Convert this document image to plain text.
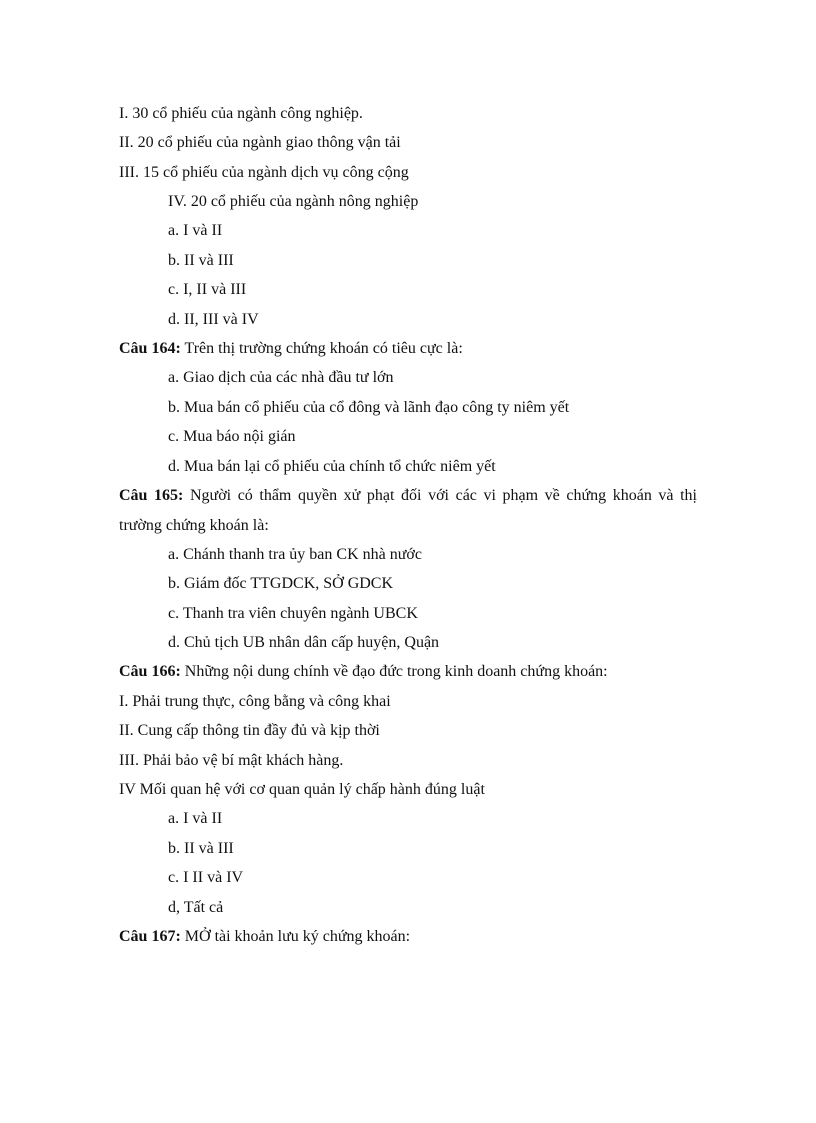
I. 30 cổ phiếu của ngành công nghiệp.
II. 20 cổ phiếu của ngành giao thông vận tải
III. 15 cổ phiếu của ngành dịch vụ công cộng
IV. 20 cổ phiếu của ngành nông nghiệp
a. I và II
b. II và III
c. I, II và III
d. II, III và IV
Câu 164: Trên thị trường chứng khoán có tiêu cực là:
a. Giao dịch của các nhà đầu tư lớn
b. Mua bán cổ phiếu của cổ đông và lãnh đạo công ty niêm yết
c. Mua báo nội gián
d. Mua bán lại cổ phiếu của chính tổ chức niêm yết
Câu 165: Người có thẩm quyền xử phạt đối với các vi phạm về chứng khoán và thị trường chứng khoán là:
a. Chánh thanh tra ủy ban CK nhà nước
b. Giám đốc TTGDCK, SỞ GDCK
c. Thanh tra viên chuyên ngành UBCK
d. Chủ tịch UB nhân dân cấp huyện, Quận
Câu 166: Những nội dung chính về đạo đức trong kinh doanh chứng khoán:
I. Phải trung thực, công bằng và công khai
II. Cung cấp thông tin đầy đủ và kịp thời
III. Phải bảo vệ bí mật khách hàng.
IV Mối quan hệ với cơ quan quản lý chấp hành đúng luật
a. I và II
b. II và III
c. I II và IV
d, Tất cả
Câu 167: MỞ tài khoản lưu ký chứng khoán:
